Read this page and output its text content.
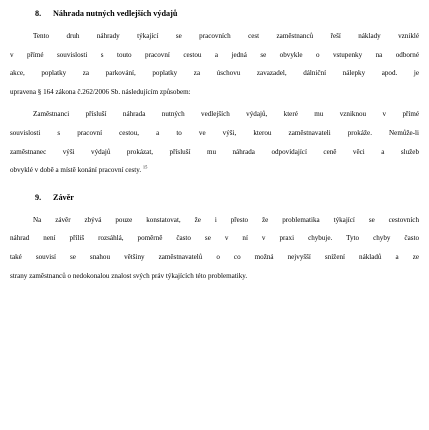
8. Náhrada nutných vedlejších výdajů
Tento druh náhrady týkající se pracovních cest zaměstnanců řeší náklady vzniklé
v přímé souvislosti s touto pracovní cestou a jedná se obvykle o vstupenky na odborné
akce, poplatky za parkování, poplatky za úschovu zavazadel, dálniční nálepky apod. je
upravena § 164 zákona č.262/2006 Sb. následujícím způsobem:
Zaměstnanci přísluší náhrada nutných vedlejších výdajů, které mu vzniknou v přímé
souvislosti s pracovní cestou, a to ve výši, kterou zaměstnavateli prokáže. Nemůže-li
zaměstnanec výši výdajů prokázat, přísluší mu náhrada odpovídající ceně věci a služeb
obvyklé v době a místě konání pracovní cesty. $^{15}$
9. Závěr
Na závěr zbývá pouze konstatovat, že i přesto že problematika týkající se cestovních
náhrad není příliš rozsáhlá, poměrně často se v ní v praxi chybuje. Tyto chyby často
také souvisí se snahou většiny zaměstnavatelů o co možná nejvyšší snížení nákladů a ze
strany zaměstnanců o nedokonalou znalost svých práv týkajících této problematiky.
